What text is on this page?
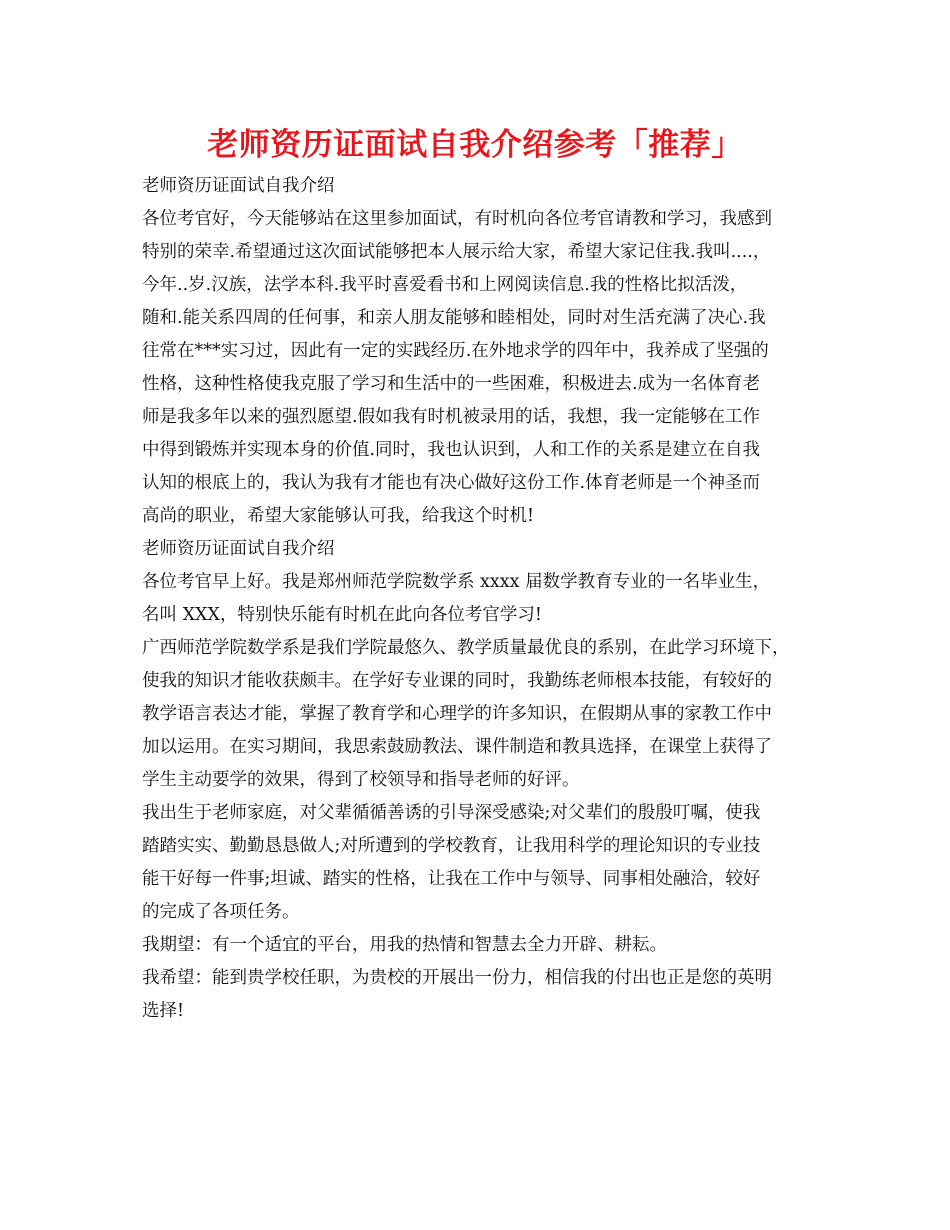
老师资历证面试自我介绍参考「推荐」
老师资历证面试自我介绍
各位考官好，今天能够站在这里参加面试，有时机向各位考官请教和学习，我感到
特别的荣幸.希望通过这次面试能够把本人展示给大家，希望大家记住我.我叫....，
今年..岁.汉族，法学本科.我平时喜爱看书和上网阅读信息.我的性格比拟活泼，
随和.能关系四周的任何事，和亲人朋友能够和睦相处，同时对生活充满了决心.我
往常在***实习过，因此有一定的实践经历.在外地求学的四年中，我养成了坚强的
性格，这种性格使我克服了学习和生活中的一些困难，积极进去.成为一名体育老
师是我多年以来的强烈愿望.假如我有时机被录用的话，我想，我一定能够在工作
中得到锻炼并实现本身的价值.同时，我也认识到，人和工作的关系是建立在自我
认知的根底上的，我认为我有才能也有决心做好这份工作.体育老师是一个神圣而
高尚的职业，希望大家能够认可我，给我这个时机!
老师资历证面试自我介绍
各位考官早上好。我是郑州师范学院数学系 xxxx 届数学教育专业的一名毕业生，
名叫 XXX，特别快乐能有时机在此向各位考官学习!
广西师范学院数学系是我们学院最悠久、教学质量最优良的系别，在此学习环境下，
使我的知识才能收获颇丰。在学好专业课的同时，我勤练老师根本技能，有较好的
教学语言表达才能，掌握了教育学和心理学的许多知识，在假期从事的家教工作中
加以运用。在实习期间，我思索鼓励教法、课件制造和教具选择，在课堂上获得了
学生主动要学的效果，得到了校领导和指导老师的好评。
我出生于老师家庭，对父辈循循善诱的引导深受感染;对父辈们的殷殷叮嘱，使我
踏踏实实、勤勤恳恳做人;对所遭到的学校教育，让我用科学的理论知识的专业技
能干好每一件事;坦诚、踏实的性格，让我在工作中与领导、同事相处融洽，较好
的完成了各项任务。
我期望：有一个适宜的平台，用我的热情和智慧去全力开辟、耕耘。
我希望：能到贵学校任职，为贵校的开展出一份力，相信我的付出也正是您的英明
选择!
